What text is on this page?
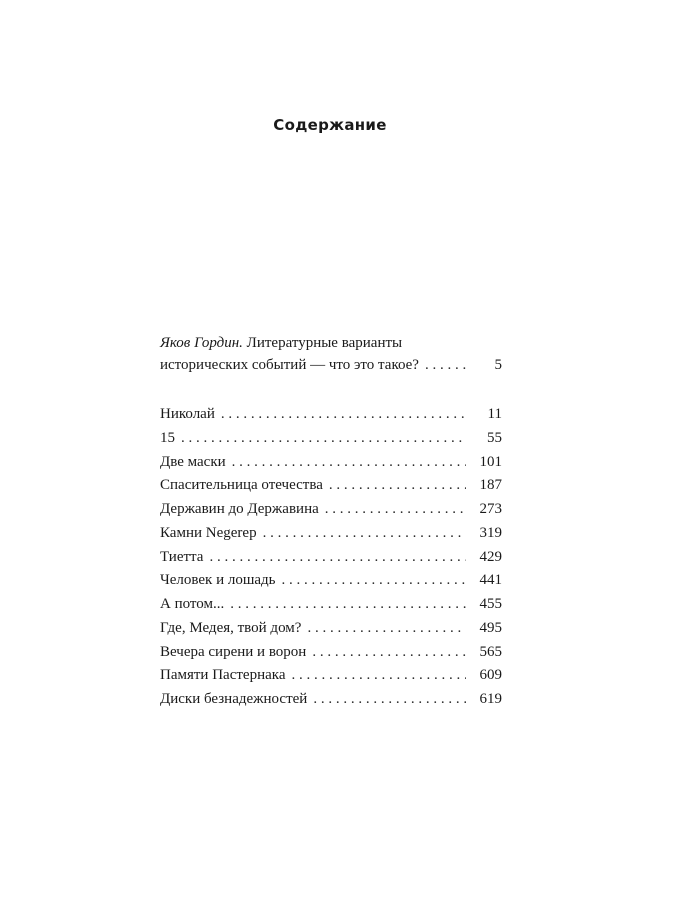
Содержание
Яков Гордин. Литературные варианты
исторических событий — что это такое? . . .	5
Николай . . .	11
15 . . .	55
Две маски . . .	101
Спасительница отечества . . .	187
Державин до Державина . . .	273
Камни Negerep . . .	319
Тиетта . . .	429
Человек и лошадь . . .	441
А потом... . . .	455
Где, Медея, твой дом? . . .	495
Вечера сирени и ворон . . .	565
Памяти Пастернака . . .	609
Диски безнадежностей . . .	619
